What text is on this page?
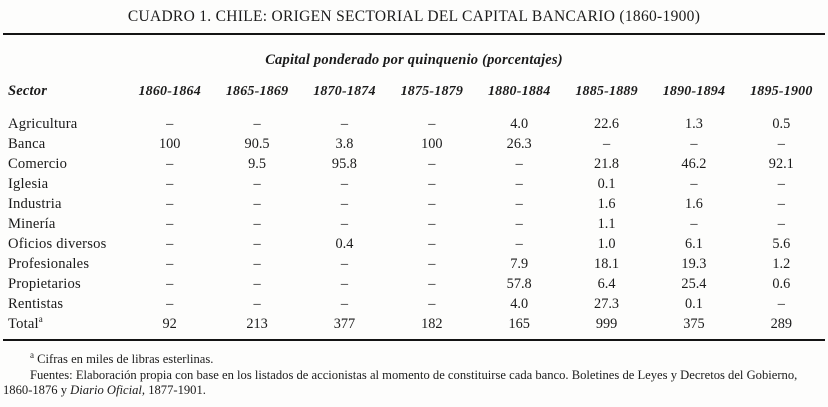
CUADRO 1. CHILE: ORIGEN SECTORIAL DEL CAPITAL BANCARIO (1860-1900)
Capital ponderado por quinquenio (porcentajes)
Sector	1860-1864	1865-1869	1870-1874	1875-1879	1880-1884	1885-1889	1890-1894	1895-1900
Agricultura	–	–	–	–	4.0	22.6	1.3	0.5
Banca	100	90.5	3.8	100	26.3	–	–	–
Comercio	–	9.5	95.8	–	–	21.8	46.2	92.1
Iglesia	–	–	–	–	–	0.1	–	–
Industria	–	–	–	–	–	1.6	1.6	–
Minería	–	–	–	–	–	1.1	–	–
Oficios diversos	–	–	0.4	–	–	1.0	6.1	5.6
Profesionales	–	–	–	–	7.9	18.1	19.3	1.2
Propietarios	–	–	–	–	57.8	6.4	25.4	0.6
Rentistas	–	–	–	–	4.0	27.3	0.1	–
Total$^a$	92	213	377	182	165	999	375	289
$^a$ Cifras en miles de libras esterlinas.
Fuentes: Elaboración propia con base en los listados de accionistas al momento de constituirse cada banco. Boletines de Leyes y Decretos del Gobierno, 1860-1876 y Diario Oficial, 1877-1901.
